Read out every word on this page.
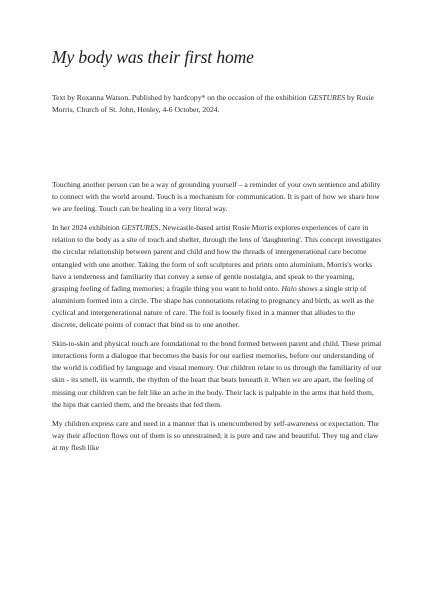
My body was their first home

Text by Roxanna Watson. Published by hardcopy* on the occasion of the exhibition GESTURES by Rosie Morris, Church of St. John, Henley, 4-6 October, 2024.

Touching another person can be a way of grounding yourself – a reminder of your own sentience and ability to connect with the world around. Touch is a mechanism for communication. It is part of how we share how we are feeling. Touch can be healing in a very literal way.

In her 2024 exhibition GESTURES, Newcastle-based artist Rosie Morris explores experiences of care in relation to the body as a site of touch and shelter, through the lens of 'daughtering'. This concept investigates the circular relationship between parent and child and how the threads of intergenerational care become entangled with one another. Taking the form of soft sculptures and prints onto aluminium, Morris's works have a tenderness and familiarity that convey a sense of gentle nostalgia, and speak to the yearning, grasping feeling of fading memories; a fragile thing you want to hold onto. Halo shows a single strip of aluminium formed into a circle. The shape has connotations relating to pregnancy and birth, as well as the cyclical and intergenerational nature of care. The foil is loosely fixed in a manner that alludes to the discrete, delicate points of contact that bind us to one another.

Skin-to-skin and physical touch are foundational to the bond formed between parent and child. These primal interactions form a dialogue that becomes the basis for our earliest memories, before our understanding of the world is codified by language and visual memory. Our children relate to us through the familiarity of our skin - its smell, its warmth, the rhythm of the heart that beats beneath it. When we are apart, the feeling of missing our children can be felt like an ache in the body. Their lack is palpable in the arms that held them, the hips that carried them, and the breasts that fed them.

My children express care and need in a manner that is unencumbered by self-awareness or expectation. The way their affection flows out of them is so unrestrained; it is pure and raw and beautiful. They tug and claw at my flesh like
